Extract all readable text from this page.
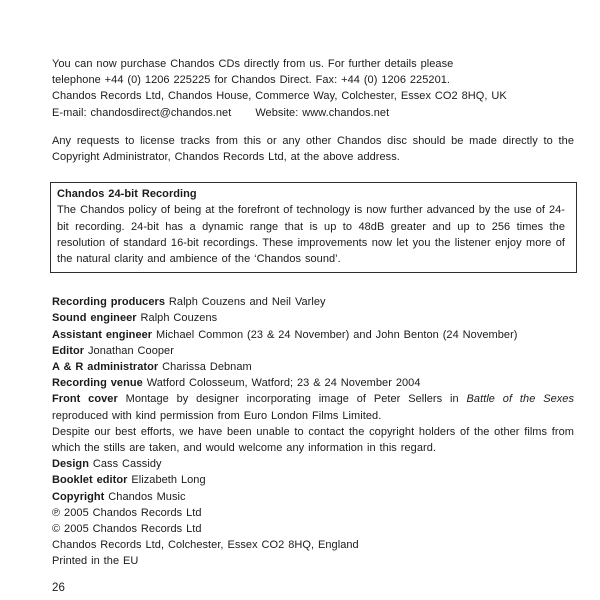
You can now purchase Chandos CDs directly from us. For further details please
telephone +44 (0) 1206 225225 for Chandos Direct. Fax: +44 (0) 1206 225201.
Chandos Records Ltd, Chandos House, Commerce Way, Colchester, Essex CO2 8HQ, UK
E-mail: chandosdirect@chandos.net Website: www.chandos.net

Any requests to license tracks from this or any other Chandos disc should be made directly to the Copyright Administrator, Chandos Records Ltd, at the above address.

Chandos 24-bit Recording
The Chandos policy of being at the forefront of technology is now further advanced by the use of 24-bit recording. 24-bit has a dynamic range that is up to 48dB greater and up to 256 times the resolution of standard 16-bit recordings. These improvements now let you the listener enjoy more of the natural clarity and ambience of the ‘Chandos sound’.
Recording producers Ralph Couzens and Neil Varley
Sound engineer Ralph Couzens
Assistant engineer Michael Common (23 & 24 November) and John Benton (24 November)
Editor Jonathan Cooper
A & R administrator Charissa Debnam
Recording venue Watford Colosseum, Watford; 23 & 24 November 2004
Front cover Montage by designer incorporating image of Peter Sellers in Battle of the Sexes reproduced with kind permission from Euro London Films Limited.
Despite our best efforts, we have been unable to contact the copyright holders of the other films from which the stills are taken, and would welcome any information in this regard.
Design Cass Cassidy
Booklet editor Elizabeth Long
Copyright Chandos Music
℗ 2005 Chandos Records Ltd
© 2005 Chandos Records Ltd
Chandos Records Ltd, Colchester, Essex CO2 8HQ, England
Printed in the EU
26
